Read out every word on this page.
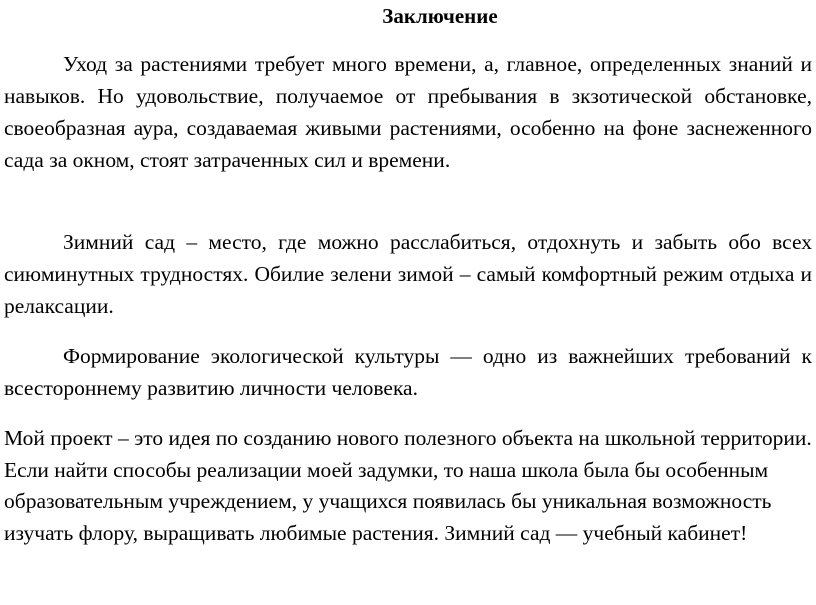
Заключение

Уход за растениями требует много времени, а, главное, определенных знаний и навыков. Но удовольствие, получаемое от пребывания в зкзотической обстановке, своеобразная аура, создаваемая живыми растениями, особенно на фоне заснеженного сада за окном, стоят затраченных сил и времени.

Зимний сад – место, где можно расслабиться, отдохнуть и забыть обо всех сиюминутных трудностях. Обилие зелени зимой – самый комфортный режим отдыха и релаксации.

Формирование экологической культуры — одно из важнейших требований к всестороннему развитию личности человека.

Мой проект – это идея по созданию нового полезного объекта на школьной территории. Если найти способы реализации моей задумки, то наша школа была бы особенным образовательным учреждением, у учащихся появилась бы уникальная возможность изучать флору, выращивать любимые растения. Зимний сад — учебный кабинет!
